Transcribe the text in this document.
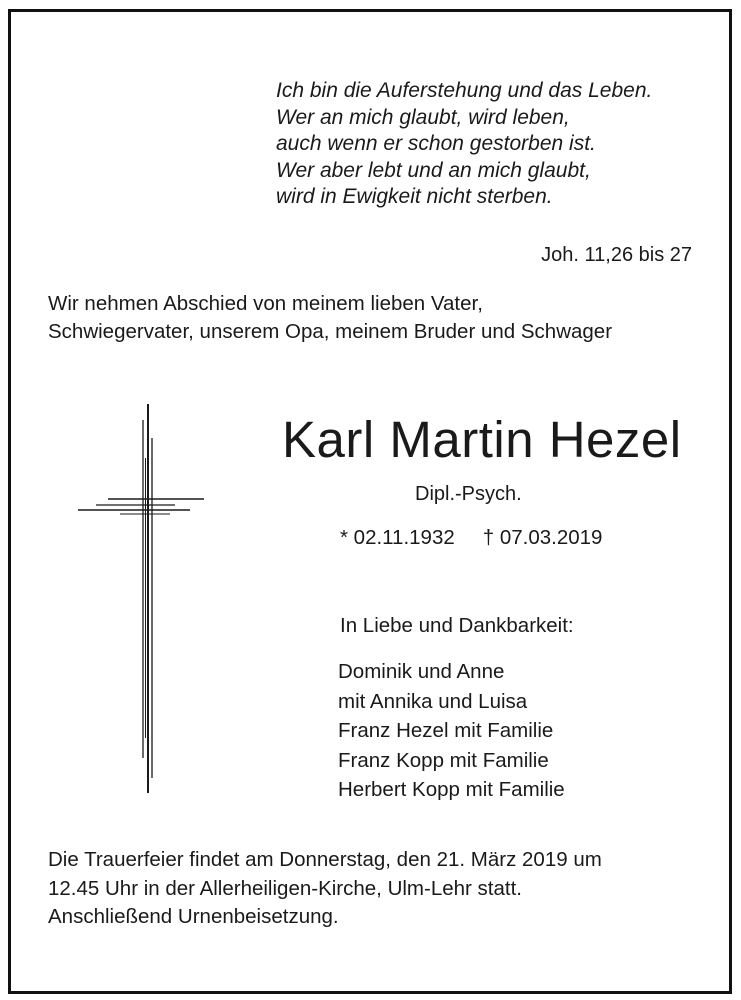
Ich bin die Auferstehung und das Leben.
Wer an mich glaubt, wird leben,
auch wenn er schon gestorben ist.
Wer aber lebt und an mich glaubt,
wird in Ewigkeit nicht sterben.
Joh. 11,26 bis 27
Wir nehmen Abschied von meinem lieben Vater,
Schwiegervater, unserem Opa, meinem Bruder und Schwager
Karl Martin Hezel
Dipl.-Psych.
* 02.11.1932 † 07.03.2019
In Liebe und Dankbarkeit:
Dominik und Anne
mit Annika und Luisa
Franz Hezel mit Familie
Franz Kopp mit Familie
Herbert Kopp mit Familie
Die Trauerfeier findet am Donnerstag, den 21. März 2019 um
12.45 Uhr in der Allerheiligen-Kirche, Ulm-Lehr statt.
Anschließend Urnenbeisetzung.
